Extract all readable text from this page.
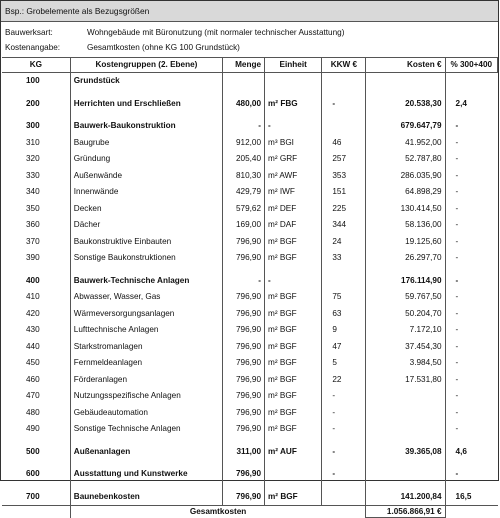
Bsp.: Grobelemente als Bezugsgrößen
Bauwerksart:	Wohngebäude mit Büronutzung (mit normaler technischer Ausstattung)
Kostenangabe:	Gesamtkosten (ohne KG 100 Grundstück)
KG	Kostengruppen (2. Ebene)	Menge	Einheit	KKW €	Kosten €	% 300+400
100	Grundstück					

200	Herrichten und Erschließen	480,00	m² FBG	-	20.538,30	2,4

300	Bauwerk-Baukonstruktion	-	-		679.647,79	-
310	Baugrube	912,00	m³ BGI	46	41.952,00	-
320	Gründung	205,40	m² GRF	257	52.787,80	-
330	Außenwände	810,30	m² AWF	353	286.035,90	-
340	Innenwände	429,79	m² IWF	151	64.898,29	-
350	Decken	579,62	m² DEF	225	130.414,50	-
360	Dächer	169,00	m² DAF	344	58.136,00	-
370	Baukonstruktive Einbauten	796,90	m² BGF	24	19.125,60	-
390	Sonstige Baukonstruktionen	796,90	m² BGF	33	26.297,70	-

400	Bauwerk-Technische Anlagen	-	-		176.114,90	-
410	Abwasser, Wasser, Gas	796,90	m² BGF	75	59.767,50	-
420	Wärmeversorgungsanlagen	796,90	m² BGF	63	50.204,70	-
430	Lufttechnische Anlagen	796,90	m² BGF	9	7.172,10	-
440	Starkstromanlagen	796,90	m² BGF	47	37.454,30	-
450	Fernmeldeanlagen	796,90	m² BGF	5	3.984,50	-
460	Förderanlagen	796,90	m² BGF	22	17.531,80	-
470	Nutzungsspezifische Anlagen	796,90	m² BGF	-		-
480	Gebäudeautomation	796,90	m² BGF	-		-
490	Sonstige Technische Anlagen	796,90	m² BGF	-		-

500	Außenanlagen	311,00	m² AUF	-	39.365,08	4,6

600	Ausstattung und Kunstwerke	796,90		-		-

700	Baunebenkosten	796,90	m² BGF		141.200,84	16,5
	Gesamtkosten				1.056.866,91 €	
